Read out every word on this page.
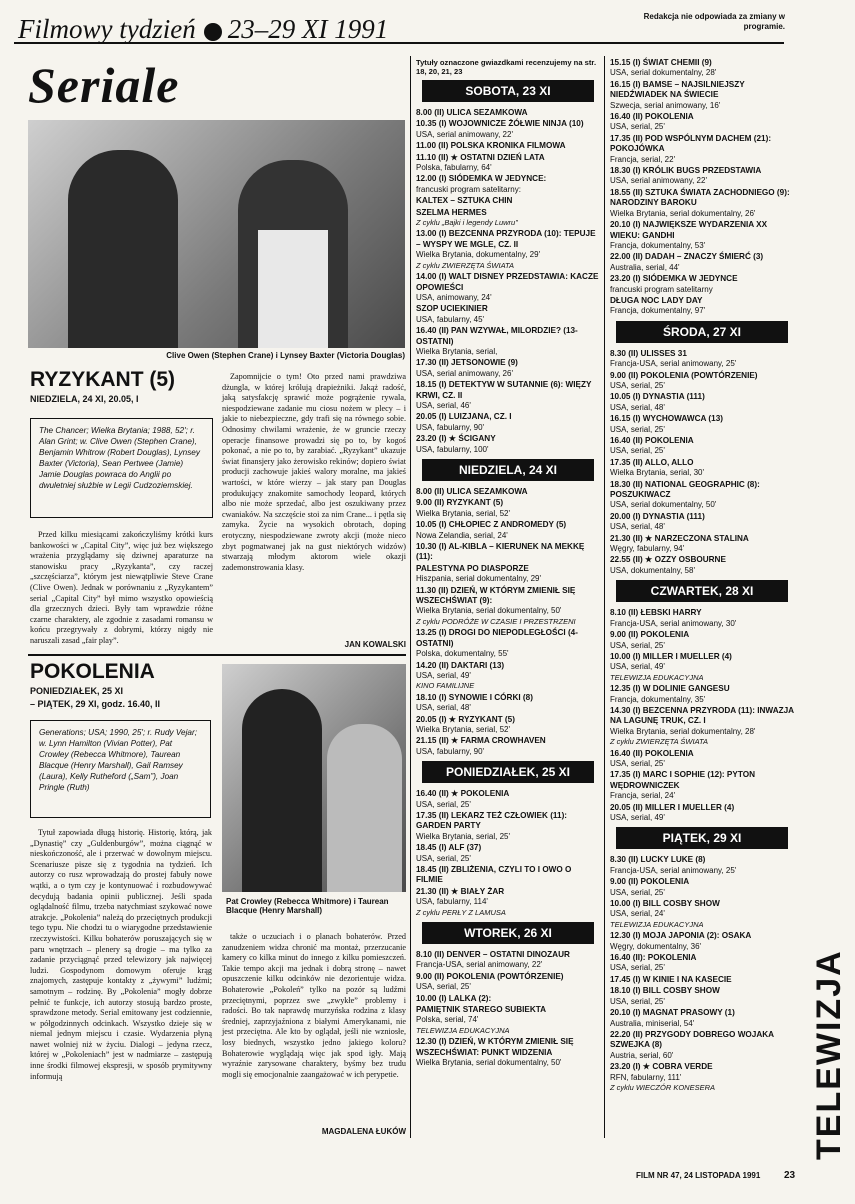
Filmowy tydzień 23–29 XI 1991	Redakcja nie odpowiada za zmiany w programie.
Seriale
Clive Owen (Stephen Crane) i Lynsey Baxter (Victoria Douglas)
RYZYKANT (5)
NIEDZIELA, 24 XI, 20.05, I
The Chancer; Wielka Brytania; 1988, 52'; r. Alan Grint; w. Clive Owen (Stephen Crane), Benjamin Whitrow (Robert Douglas), Lynsey Baxter (Victoria), Sean Pertwee (Jamie) Jamie Douglas powraca do Anglii po dwuletniej służbie w Legii Cudzoziemskiej.

Przed kilku miesiącami zakończyliśmy krótki kurs bankowości w „Capital City”, więc już bez większego wrażenia przyglądamy się dziwnej aparaturze na stanowisku pracy „Ryzykanta”, czy raczej „szczęściarza”, którym jest niewątpliwie Steve Crane (Clive Owen). Jednak w porównaniu z „Ryzykantem” serial „Capital City” był mimo wszystko opowieścią dla grzecznych dzieci. Były tam wprawdzie różne czarne charaktery, ale zgodnie z zasadami romansu w końcu przegrywały z dobrymi, którzy nigdy nie naruszali zasad „fair play”.

Zapomnijcie o tym! Oto przed nami prawdziwa dżungla, w której królują drapieżniki. Jakąż radość, jaką satysfakcję sprawić może pogrążenie rywala, niespodziewane zadanie mu ciosu nożem w plecy – i jakie to niebezpieczne, gdy trafi się na równego sobie. Odnosimy chwilami wrażenie, że w gruncie rzeczy operacje finansowe prowadzi się po to, by kogoś pokonać, a nie po to, by zarabiać. „Ryzykant” ukazuje świat finansjery jako żerowisko rekinów; dopiero świat producji zachowuje jakieś walory moralne, ma jakieś wartości, w które wierzy – jak stary pan Douglas produkujący znakomite samochody leopard, których albo nie może sprzedać, albo jest oszukiwany przez cwaniaków. Na szczęście stoi za nim Crane... i pętla się zamyka. Życie na wysokich obrotach, doping erotyczny, niespodziewane zwroty akcji (może nieco zbyt pogmatwanej jak na gust niektórych widzów) stwarzają młodym aktorom wiele okazji zademonstrowania klasy.

JAN KOWALSKI
POKOLENIA
PONIEDZIAŁEK, 25 XI
– PIĄTEK, 29 XI, godz. 16.40, II
Generations; USA; 1990, 25'; r. Rudy Vejar; w. Lynn Hamilton (Vivian Potter), Pat Crowley (Rebecca Whitmore), Taurean Blacque (Henry Marshall), Gail Ramsey (Laura), Kelly Rutheford („Sam”), Joan Pringle (Ruth)
Pat Crowley (Rebecca Whitmore) i Taurean Blacque (Henry Marshall)

Tytuł zapowiada długą historię. Historię, którą, jak „Dynastię” czy „Guldenburgów”, można ciągnąć w nieskończoność, ale i przerwać w dowolnym miejscu. Scenariusze pisze się z tygodnia na tydzień. Ich autorzy co rusz wprowadzają do prostej fabuły nowe wątki, a o tym czy je kontynuować i rozbudowywać decydują badania opinii publicznej. Jeśli spada oglądalność filmu, trzeba natychmiast szykować nowe atrakcje. „Pokolenia” należą do przeciętnych produkcji tego typu. Nie chodzi tu o wiarygodne przedstawienie rzeczywistości. Kilku bohaterów poruszających się w paru wnętrzach – plenery są drogie – ma tylko za zadanie przyciągnąć przed telewizory jak najwięcej ludzi. Gospodynom domowym oferuje krąg znajomych, zastępuje kontakty z „żywymi” ludźmi; samotnym – rodzinę. By „Pokolenia” mogły dobrze pełnić te funkcje, ich autorzy stosują bardzo proste, sprawdzone metody. Serial emitowany jest codziennie, w półgodzinnych odcinkach. Wszystko dzieje się w niemal jednym miejscu i czasie. Wydarzenia płyną nawet wolniej niż w życiu. Dialogi – jedyna rzecz, której w „Pokoleniach” jest w nadmiarze – zastępują inne środki filmowej ekspresji, w sposób prymitywny informują

także o uczuciach i o planach bohaterów. Przed zanudzeniem widza chronić ma montaż, przerzucanie kamery co kilka minut do innego z kilku pomieszczeń. Takie tempo akcji ma jednak i dobrą stronę – nawet opuszczenie kilku odcinków nie dezorientuje widza. Bohaterowie „Pokoleń” tylko na pozór są ludźmi przeciętnymi, poprzez swe „zwykłe” problemy i radości. Bo tak naprawdę murzyńska rodzina z klasy średniej, zaprzyjaźniona z białymi Amerykanami, nie jest przeciętna. Ale kto by oglądał, jeśli nie wzniosłe, losy biednych, wszystko jedno jakiego koloru? Bohaterowie wyglądają więc jak spod igły. Mają wyraźnie zarysowane charaktery, byśmy bez trudu mogli się emocjonalnie zaangażować w ich perypetie.

MAGDALENA ŁUKÓW
Tytuły oznaczone gwiazdkami recenzujemy na str. 18, 20, 21, 23
SOBOTA, 23 XI
8.00 (II) ULICA SEZAMKOWA
10.35 (I) WOJOWNICZE ŻÓŁWIE NINJA (10)
USA, serial animowany, 22'
11.00 (II) POLSKA KRONIKA FILMOWA
11.10 (II) ★ OSTATNI DZIEŃ LATA
Polska, fabularny, 64'
12.00 (I) SIÓDEMKA W JEDYNCE:
francuski program satelitarny:
KALTEX – SZTUKA CHIN
SZELMA HERMES
Z cyklu „Bajki i legendy Luwru”
13.00 (I) BEZCENNA PRZYRODA (10): TEPUJE – WYSPY WE MGLE, CZ. II
Wielka Brytania, dokumentalny, 29'
Z cyklu ZWIERZĘTA ŚWIATA
14.00 (I) WALT DISNEY PRZEDSTAWIA: KACZE OPOWIEŚCI
USA, animowany, 24'
SZOP UCIEKINIER
USA, fabularny, 45'
16.40 (II) PAN WZYWAŁ, MILORDZIE? (13-OSTATNI)
Wielka Brytania, serial,
17.30 (II) JETSONOWIE (9)
USA, serial animowany, 26'
18.15 (I) DETEKTYW W SUTANNIE (6): WIĘZY KRWI, CZ. II
USA, serial, 46'
20.05 (I) LUIZJANA, CZ. I
USA, fabularny, 90'
23.20 (I) ★ ŚCIGANY
USA, fabularny, 100'
NIEDZIELA, 24 XI
8.00 (II) ULICA SEZAMKOWA
9.00 (II) RYZYKANT (5)
Wielka Brytania, serial, 52'
10.05 (I) CHŁOPIEC Z ANDROMEDY (5)
Nowa Zelandia, serial, 24'
10.30 (I) AL-KIBLA – KIERUNEK NA MEKKĘ (11):
PALESTYNA PO DIASPORZE
Hiszpania, serial dokumentalny, 29'
11.30 (II) DZIEŃ, W KTÓRYM ZMIENIŁ SIĘ WSZECHŚWIAT (9):
Wielka Brytania, serial dokumentalny, 50'
Z cyklu PODRÓŻE W CZASIE I PRZESTRZENI
13.25 (I) DROGI DO NIEPODLEGŁOŚCI (4-OSTATNI)
Polska, dokumentalny, 55'
14.20 (II) DAKTARI (13)
USA, serial, 49'
KINO FAMILIJNE
18.10 (I) SYNOWIE I CÓRKI (8)
USA, serial, 48'
20.05 (I) ★ RYZYKANT (5)
Wielka Brytania, serial, 52'
21.15 (II) ★ FARMA CROWHAVEN
USA, fabularny, 90'
PONIEDZIAŁEK, 25 XI
16.40 (II) ★ POKOLENIA
USA, serial, 25'
17.35 (II) LEKARZ TEŻ CZŁOWIEK (11): GARDEN PARTY
Wielka Brytania, serial, 25'
18.45 (I) ALF (37)
USA, serial, 25'
18.45 (II) ZBLIŻENIA, CZYLI TO I OWO O FILMIE
21.30 (II) ★ BIAŁY ŻAR
USA, fabularny, 114'
Z cyklu PERŁY Z LAMUSA
WTOREK, 26 XI
8.10 (II) DENVER – OSTATNI DINOZAUR
Francja-USA, serial animowany, 22'
9.00 (II) POKOLENIA (POWTÓRZENIE)
USA, serial, 25'
10.00 (I) LALKA (2):
PAMIĘTNIK STAREGO SUBIEKTA
Polska, serial, 74'
TELEWIZJA EDUKACYJNA
12.30 (I) DZIEŃ, W KTÓRYM ZMIENIŁ SIĘ WSZECHŚWIAT: PUNKT WIDZENIA
Wielka Brytania, serial dokumentalny, 50'
15.15 (I) ŚWIAT CHEMII (9)
USA, serial dokumentalny, 28'
16.15 (I) BAMSE – NAJSILNIEJSZY NIEDŹWIADEK NA ŚWIECIE
Szwecja, serial animowany, 16'
16.40 (II) POKOLENIA
USA, serial, 25'
17.35 (II) POD WSPÓLNYM DACHEM (21): POKOJÓWKA
Francja, serial, 22'
18.30 (I) KRÓLIK BUGS PRZEDSTAWIA
USA, serial animowany, 22'
18.55 (II) SZTUKA ŚWIATA ZACHODNIEGO (9): NARODZINY BAROKU
Wielka Brytania, serial dokumentalny, 26'
20.10 (I) NAJWIĘKSZE WYDARZENIA XX WIEKU: GANDHI
Francja, dokumentalny, 53'
22.00 (II) DADAH – ZNACZY ŚMIERĆ (3)
Australia, serial, 44'
23.20 (I) SIÓDEMKA W JEDYNCE
francuski program satelitarny
DŁUGA NOC LADY DAY
Francja, dokumentalny, 97'
ŚRODA, 27 XI
8.30 (II) ULISSES 31
Francja-USA, serial animowany, 25'
9.00 (II) POKOLENIA (POWTÓRZENIE)
USA, serial, 25'
10.05 (I) DYNASTIA (111)
USA, serial, 48'
16.15 (I) WYCHOWAWCA (13)
USA, serial, 25'
16.40 (II) POKOLENIA
USA, serial, 25'
17.35 (II) ALLO, ALLO
Wielka Brytania, serial, 30'
18.30 (II) NATIONAL GEOGRAPHIC (8): POSZUKIWACZ
USA, serial dokumentalny, 50'
20.00 (I) DYNASTIA (111)
USA, serial, 48'
21.30 (II) ★ NARZECZONA STALINA
Węgry, fabularny, 94'
22.55 (II) ★ OZZY OSBOURNE
USA, dokumentalny, 58'
CZWARTEK, 28 XI
8.10 (II) ŁEBSKI HARRY
Francja-USA, serial animowany, 30'
9.00 (II) POKOLENIA
USA, serial, 25'
10.00 (I) MILLER I MUELLER (4)
USA, serial, 49'
TELEWIZJA EDUKACYJNA
12.35 (I) W DOLINIE GANGESU
Francja, dokumentalny, 35'
14.30 (I) BEZCENNA PRZYRODA (11): INWAZJA NA LAGUNĘ TRUK, CZ. I
Wielka Brytania, serial dokumentalny, 28'
Z cyklu ZWIERZĘTA ŚWIATA
16.40 (II) POKOLENIA
USA, serial, 25'
17.35 (I) MARC I SOPHIE (12): PYTON WĘDROWNICZEK
Francja, serial, 24'
20.05 (II) MILLER I MUELLER (4)
USA, serial, 49'
PIĄTEK, 29 XI
8.30 (II) LUCKY LUKE (8)
Francja-USA, serial animowany, 25'
9.00 (II) POKOLENIA
USA, serial, 25'
10.00 (I) BILL COSBY SHOW
USA, serial, 24'
TELEWIZJA EDUKACYJNA
12.30 (I) MOJA JAPONIA (2): OSAKA
Węgry, dokumentalny, 36'
16.40 (II): POKOLENIA
USA, serial, 25'
17.45 (I) W KINIE I NA KASECIE
18.10 (I) BILL COSBY SHOW
USA, serial, 25'
20.10 (I) MAGNAT PRASOWY (1)
Australia, miniserial, 54'
22.20 (II) PRZYGODY DOBREGO WOJAKA SZWEJKA (8)
Austria, serial, 60'
23.20 (I) ★ COBRA VERDE
RFN, fabularny, 111'
Z cyklu WIECZÓR KONESERA	TELEWIZJA
FILM NR 47, 24 LISTOPADA 1991 23
